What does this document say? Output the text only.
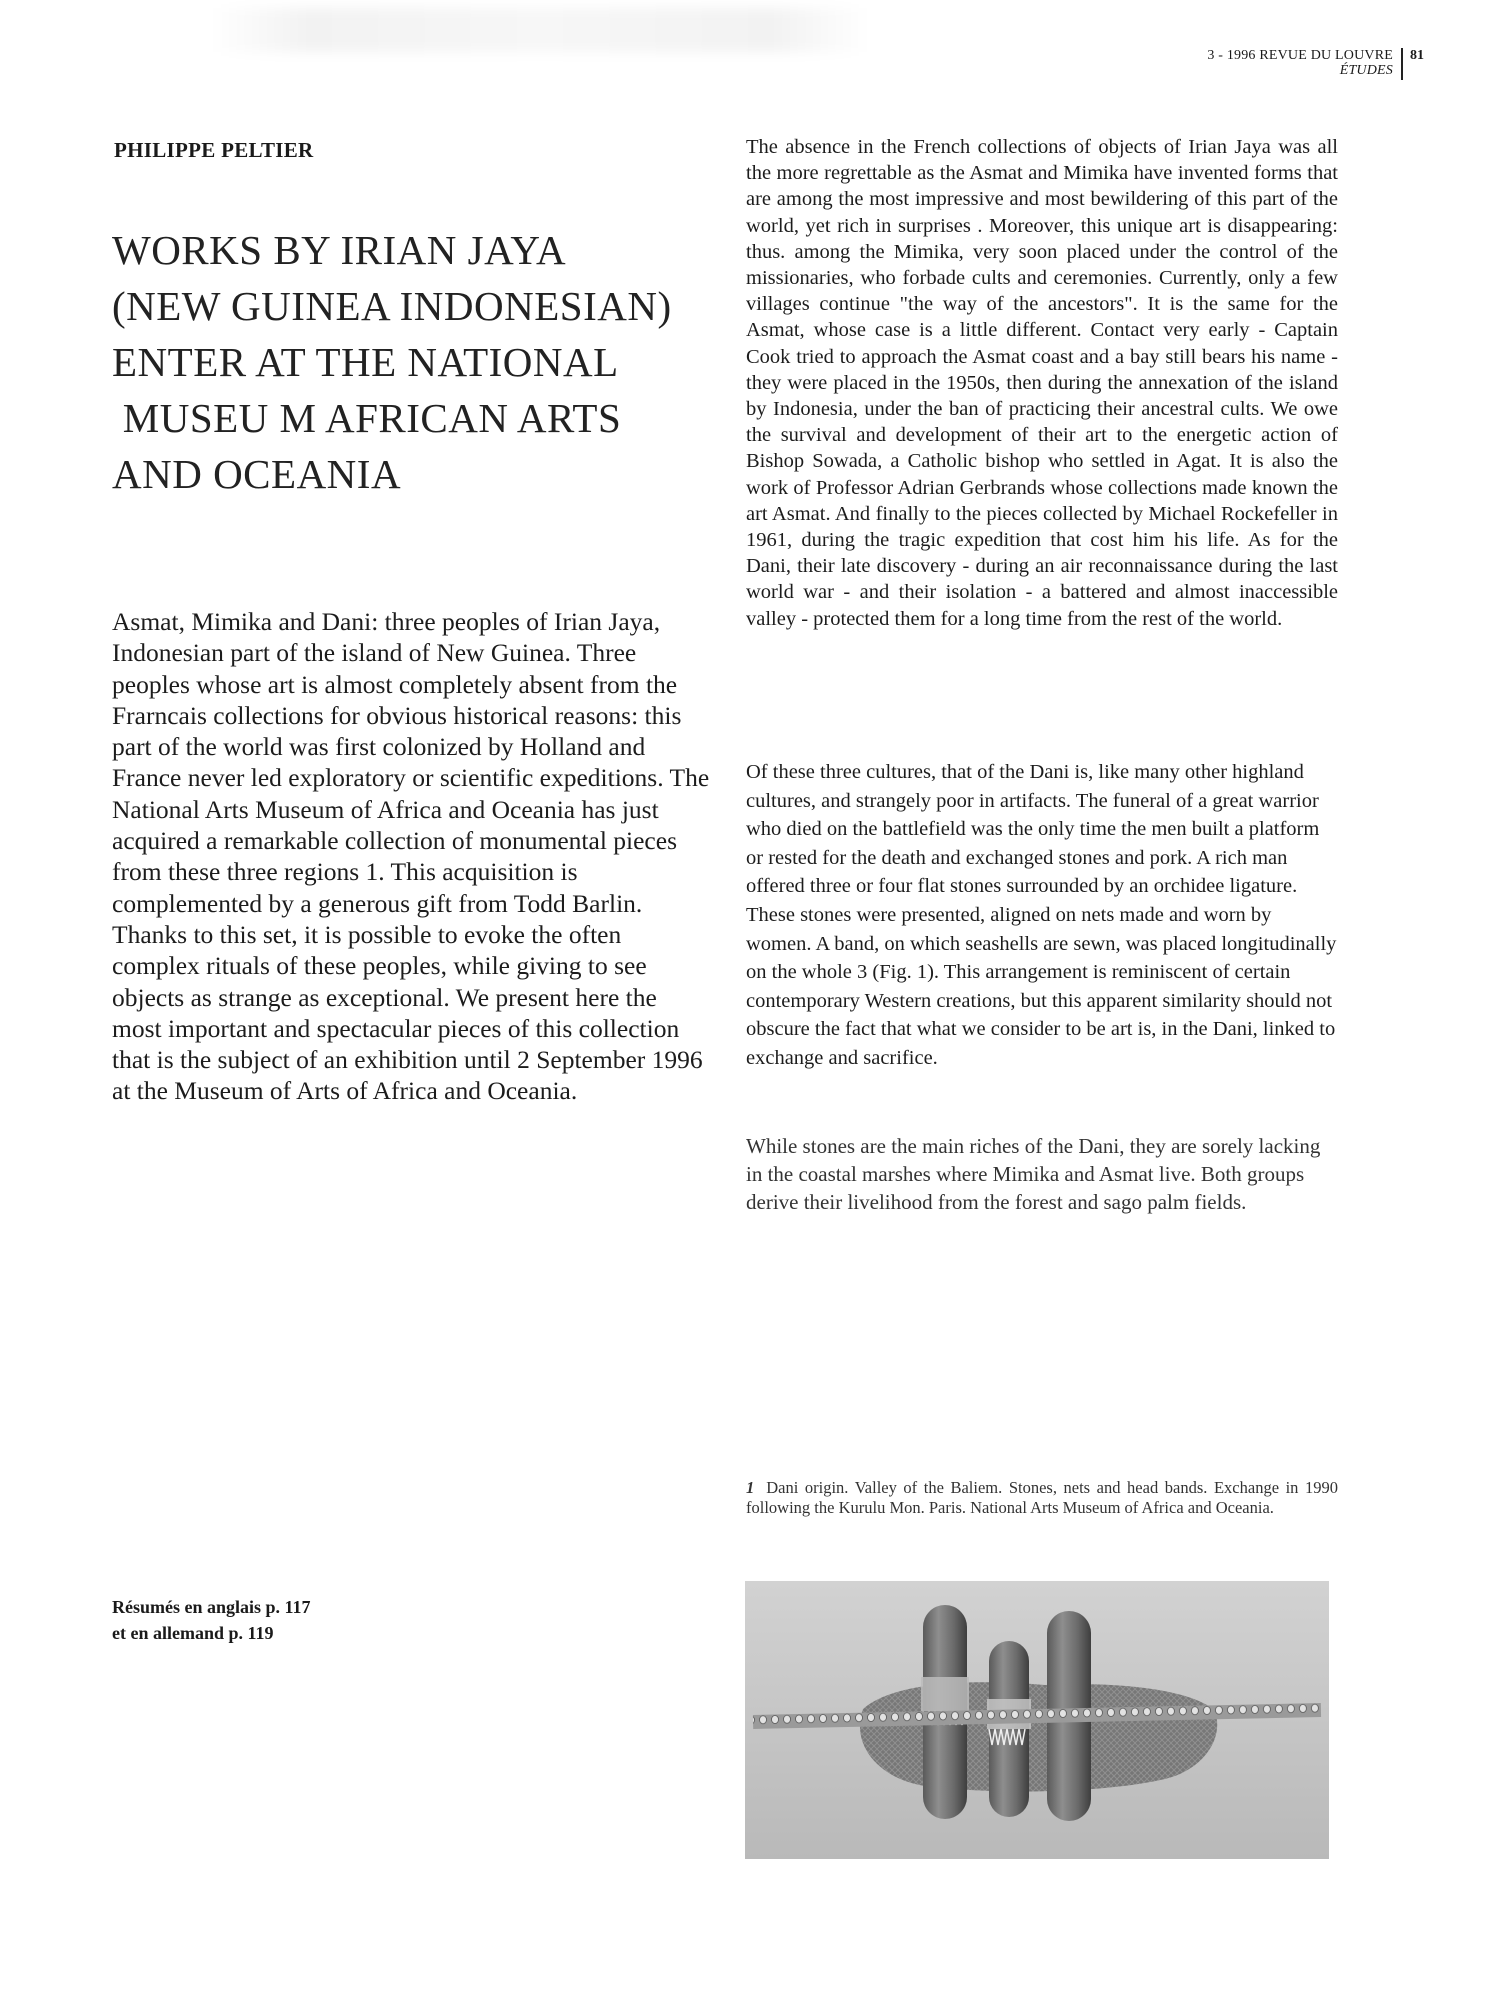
3 - 1996 REVUE DU LOUVRE
ÉTUDES
81
PHILIPPE PELTIER
WORKS BY IRIAN JAYA
(NEW GUINEA INDONESIAN)
ENTER AT THE NATIONAL
MUSEU M AFRICAN ARTS
AND OCEANIA
Asmat, Mimika and Dani: three peoples of Irian Jaya, Indonesian part of the island of New Guinea. Three peoples whose art is almost completely absent from the Frarncais collections for obvious historical reasons: this part of the world was first colonized by Holland and France never led exploratory or scientific expeditions. The National Arts Museum of Africa and Oceania has just acquired a remarkable collection of monumental pieces from these three regions 1. This acquisition is complemented by a generous gift from Todd Barlin. Thanks to this set, it is possible to evoke the often complex rituals of these peoples, while giving to see objects as strange as exceptional. We present here the most important and spectacular pieces of this collection that is the subject of an exhibition until 2 September 1996 at the Museum of Arts of Africa and Oceania.
Résumés en anglais p. 117
et en allemand p. 119
The absence in the French collections of objects of Irian Jaya was all the more regrettable as the Asmat and Mimika have invented forms that are among the most impressive and most bewildering of this part of the world, yet rich in surprises . Moreover, this unique art is disappearing: thus. among the Mimika, very soon placed under the control of the missionaries, who forbade cults and ceremonies. Currently, only a few villages continue "the way of the ancestors". It is the same for the Asmat, whose case is a little different. Contact very early - Captain Cook tried to approach the Asmat coast and a bay still bears his name - they were placed in the 1950s, then during the annexation of the island by Indonesia, under the ban of practicing their ancestral cults. We owe the survival and development of their art to the energetic action of Bishop Sowada, a Catholic bishop who settled in Agat. It is also the work of Professor Adrian Gerbrands whose collections made known the art Asmat. And finally to the pieces collected by Michael Rockefeller in 1961, during the tragic expedition that cost him his life. As for the Dani, their late discovery - during an air reconnaissance during the last world war - and their isolation - a battered and almost inaccessible valley - protected them for a long time from the rest of the world.
Of these three cultures, that of the Dani is, like many other highland cultures, and strangely poor in artifacts. The funeral of a great warrior who died on the battlefield was the only time the men built a platform or rested for the death and exchanged stones and pork. A rich man offered three or four flat stones surrounded by an orchidee ligature. These stones were presented, aligned on nets made and worn by women. A band, on which seashells are sewn, was placed longitudinally on the whole 3 (Fig. 1). This arrangement is reminiscent of certain contemporary Western creations, but this apparent similarity should not obscure the fact that what we consider to be art is, in the Dani, linked to exchange and sacrifice.
While stones are the main riches of the Dani, they are sorely lacking in the coastal marshes where Mimika and Asmat live. Both groups derive their livelihood from the forest and sago palm fields.
1 Dani origin. Valley of the Baliem. Stones, nets and head bands. Exchange in 1990 following the Kurulu Mon. Paris. National Arts Museum of Africa and Oceania.
